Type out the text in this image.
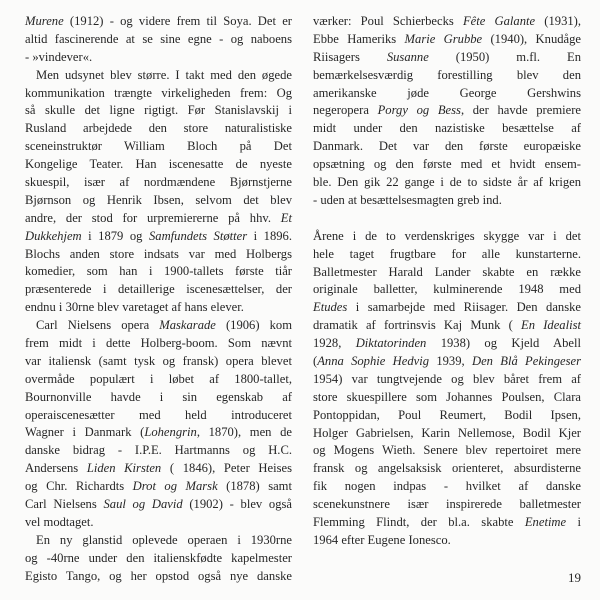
Murene (1912) - og videre frem til Soya. Det er
altid fascinerende at se sine egne - og naboens
- »vindever«.
Men udsynet blev større. I takt med den øgede
kommunikation trængte virkeligheden frem: Og
så skulle det ligne rigtigt. Før Stanislavskij i
Rusland arbejdede den store naturalistiske
sceneinstruktør William Bloch på Det
Kongelige Teater. Han iscenesatte de nyeste
skuespil, især af nordmændene Bjørnstjerne
Bjørnson og Henrik Ibsen, selvom det blev
andre, der stod for urpremiererne på hhv. Et
Dukkehjem i 1879 og Samfundets Støtter i 1896.
Blochs anden store indsats var med Holbergs
komedier, som han i 1900-tallets første tiår
præsenterede i detaillerige iscenesættelser, der
endnu i 30rne blev varetaget af hans elever.
Carl Nielsens opera Maskarade (1906) kom
frem midt i dette Holberg-boom. Som nævnt
var italiensk (samt tysk og fransk) opera blevet
overmåde populært i løbet af 1800-tallet,
Bournonville havde i sin egenskab af
operaiscenesætter med held introduceret
Wagner i Danmark (Lohengrin, 1870), men de
danske bidrag - I.P.E. Hartmanns og H.C.
Andersens Liden Kirsten ( 1846), Peter Heises
og Chr. Richardts Drot og Marsk (1878) samt
Carl Nielsens Saul og David (1902) - blev også
vel modtaget.
En ny glanstid oplevede operaen i 1930rne
og -40rne under den italienskfødte kapelmester
Egisto Tango, og her opstod også nye danske
værker: Poul Schierbecks Fête Galante (1931),
Ebbe Hameriks Marie Grubbe (1940), Knudåge
Riisagers Susanne (1950) m.fl. En
bemærkelsesværdig forestilling blev den
amerikanske jøde George Gershwins
negeropera Porgy og Bess, der havde premiere
midt under den nazistiske besættelse af
Danmark. Det var den første europæiske
opsætning og den første med et hvidt ensem-
ble. Den gik 22 gange i de to sidste år af krigen
- uden at besættelsesmagten greb ind.
Årene i de to verdenskriges skygge var i det
hele taget frugtbare for alle kunstarterne.
Balletmester Harald Lander skabte en række
originale balletter, kulminerende 1948 med
Etudes i samarbejde med Riisager. Den danske
dramatik af fortrinsvis Kaj Munk ( En Idealist
1928, Diktatorinden 1938) og Kjeld Abell
(Anna Sophie Hedvig 1939, Den Blå Pekingeser
1954) var tungtvejende og blev båret frem af
store skuespillere som Johannes Poulsen, Clara
Pontoppidan, Poul Reumert, Bodil Ipsen,
Holger Gabrielsen, Karin Nellemose, Bodil Kjer
og Mogens Wieth. Senere blev repertoiret mere
fransk og angelsaksisk orienteret, absurdisterne
fik nogen indpas - hvilket af danske
scenekunstnere især inspirerede balletmester
Flemming Flindt, der bl.a. skabte Enetime i
1964 efter Eugene Ionesco.
19
